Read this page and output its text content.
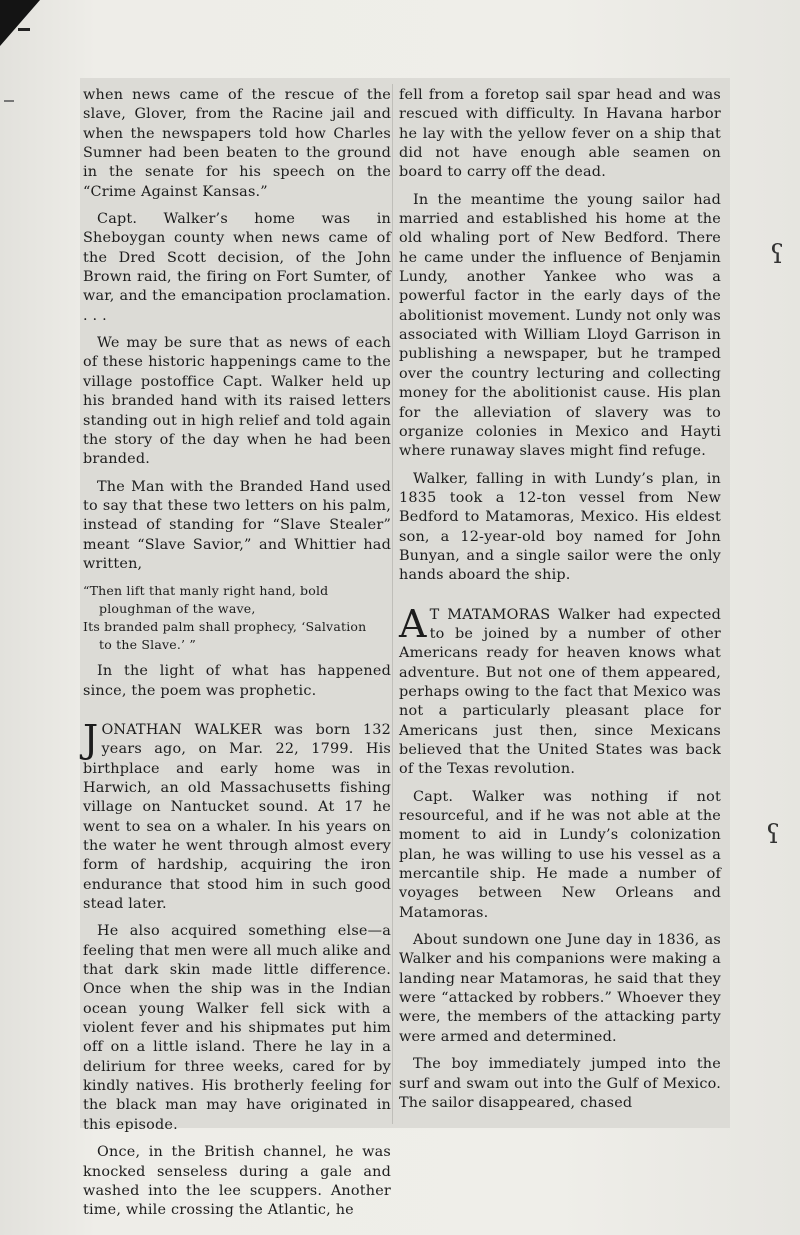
ʕ
ʕ

when news came of the rescue of the slave, Glover, from the Racine jail and when the newspapers told how Charles Sumner had been beaten to the ground in the senate for his speech on the “Crime Against Kansas.”

Capt. Walker’s home was in Sheboygan county when news came of the Dred Scott decision, of the John Brown raid, the firing on Fort Sumter, of war, and the emancipation proclamation. . . .

We may be sure that as news of each of these historic happenings came to the village postoffice Capt. Walker held up his branded hand with its raised letters standing out in high relief and told again the story of the day when he had been branded.

The Man with the Branded Hand used to say that these two letters on his palm, instead of standing for “Slave Stealer” meant “Slave Savior,” and Whittier had written,

“Then lift that manly right hand, bold
ploughman of the wave,
Its branded palm shall prophecy, ‘Salvation
to the Slave.’ ”

In the light of what has happened since, the poem was prophetic.

JONATHAN WALKER was born 132 years ago, on Mar. 22, 1799. His birthplace and early home was in Harwich, an old Massachusetts fishing village on Nantucket sound. At 17 he went to sea on a whaler. In his years on the water he went through almost every form of hardship, acquiring the iron endurance that stood him in such good stead later.

He also acquired something else—a feeling that men were all much alike and that dark skin made little difference. Once when the ship was in the Indian ocean young Walker fell sick with a violent fever and his shipmates put him off on a little island. There he lay in a delirium for three weeks, cared for by kindly natives. His brotherly feeling for the black man may have originated in this episode.

Once, in the British channel, he was knocked senseless during a gale and washed into the lee scuppers. Another time, while crossing the Atlantic, he

fell from a foretop sail spar head and was rescued with difficulty. In Havana harbor he lay with the yellow fever on a ship that did not have enough able seamen on board to carry off the dead.

In the meantime the young sailor had married and established his home at the old whaling port of New Bedford. There he came under the influence of Benjamin Lundy, another Yankee who was a powerful factor in the early days of the abolitionist movement. Lundy not only was associated with William Lloyd Garrison in publishing a newspaper, but he tramped over the country lecturing and collecting money for the abolitionist cause. His plan for the alleviation of slavery was to organize colonies in Mexico and Hayti where runaway slaves might find refuge.

Walker, falling in with Lundy’s plan, in 1835 took a 12-ton vessel from New Bedford to Matamoras, Mexico. His eldest son, a 12-year-old boy named for John Bunyan, and a single sailor were the only hands aboard the ship.

A T MATAMORAS Walker had expected to be joined by a number of other Americans ready for heaven knows what adventure. But not one of them appeared, perhaps owing to the fact that Mexico was not a particularly pleasant place for Americans just then, since Mexicans believed that the United States was back of the Texas revolution.

Capt. Walker was nothing if not resourceful, and if he was not able at the moment to aid in Lundy’s colonization plan, he was willing to use his vessel as a mercantile ship. He made a number of voyages between New Orleans and Matamoras.

About sundown one June day in 1836, as Walker and his companions were making a landing near Matamoras, he said that they were “attacked by robbers.” Whoever they were, the members of the attacking party were armed and determined.

The boy immediately jumped into the surf and swam out into the Gulf of Mexico. The sailor disappeared, chased
